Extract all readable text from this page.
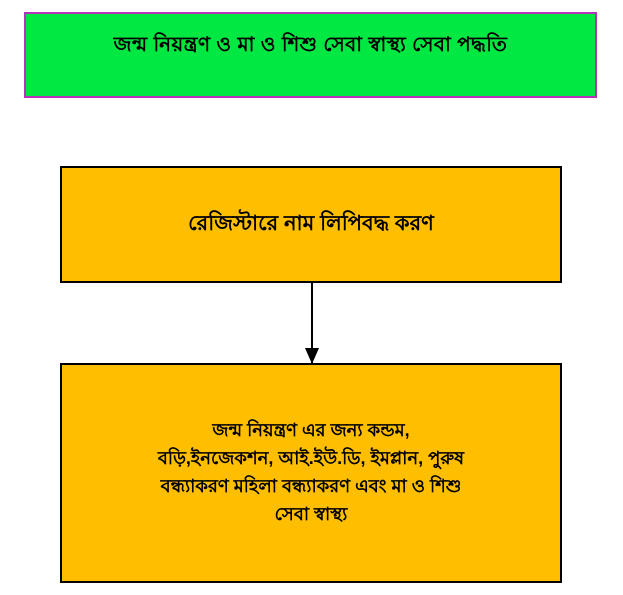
জন্ম নিয়ন্ত্রণ ও মা ও শিশু সেবা স্বাস্থ্য সেবা পদ্ধতি
রেজিস্টারে নাম লিপিবদ্ধ করণ
জন্ম নিয়ন্ত্রণ এর জন্য কন্ডম,
বড়ি,ইনজেকশন, আই.ইউ.ডি, ইমপ্লান, পুরুষ
বন্ধ্যাকরণ মহিলা বন্ধ্যাকরণ এবং মা ও শিশু
সেবা স্বাস্থ্য
